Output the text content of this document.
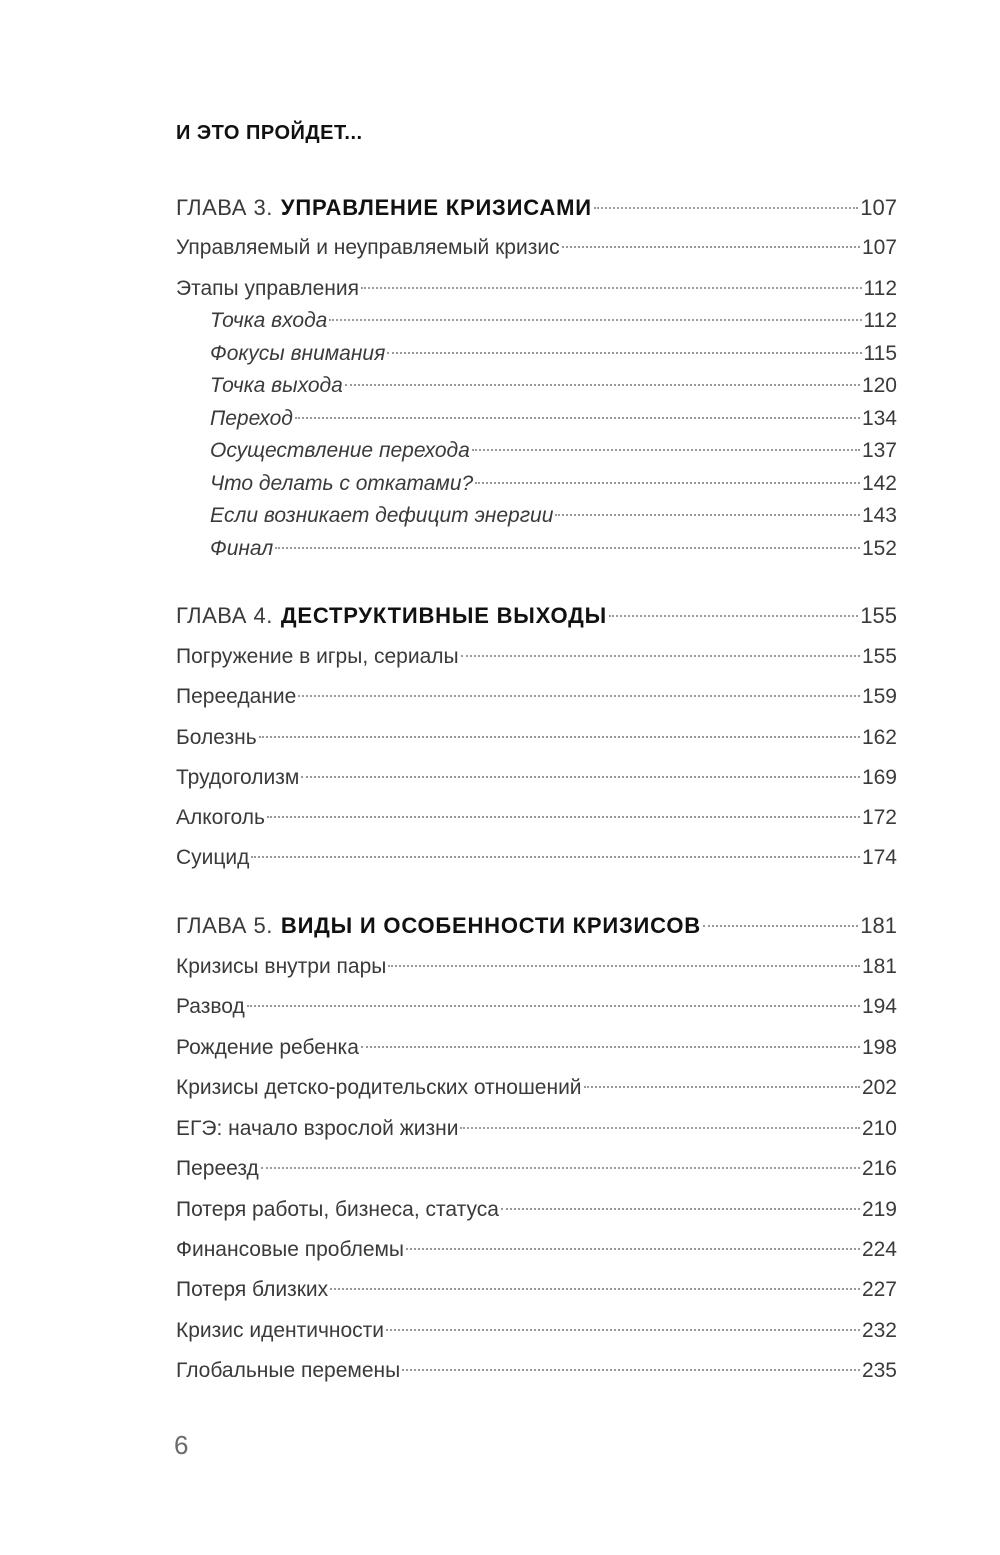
И ЭТО ПРОЙДЕТ...
ГЛАВА 3. УПРАВЛЕНИЕ КРИЗИСАМИ	107
Управляемый и неуправляемый кризис	107
Этапы управления	112
Точка входа	112
Фокусы внимания	115
Точка выхода	120
Переход	134
Осуществление перехода	137
Что делать с откатами?	142
Если возникает дефицит энергии	143
Финал	152
ГЛАВА 4. ДЕСТРУКТИВНЫЕ ВЫХОДЫ	155
Погружение в игры, сериалы	155
Переедание	159
Болезнь	162
Трудоголизм	169
Алкоголь	172
Суицид	174
ГЛАВА 5. ВИДЫ И ОСОБЕННОСТИ КРИЗИСОВ	181
Кризисы внутри пары	181
Развод	194
Рождение ребенка	198
Кризисы детско-родительских отношений	202
ЕГЭ: начало взрослой жизни	210
Переезд	216
Потеря работы, бизнеса, статуса	219
Финансовые проблемы	224
Потеря близких	227
Кризис идентичности	232
Глобальные перемены	235
6
